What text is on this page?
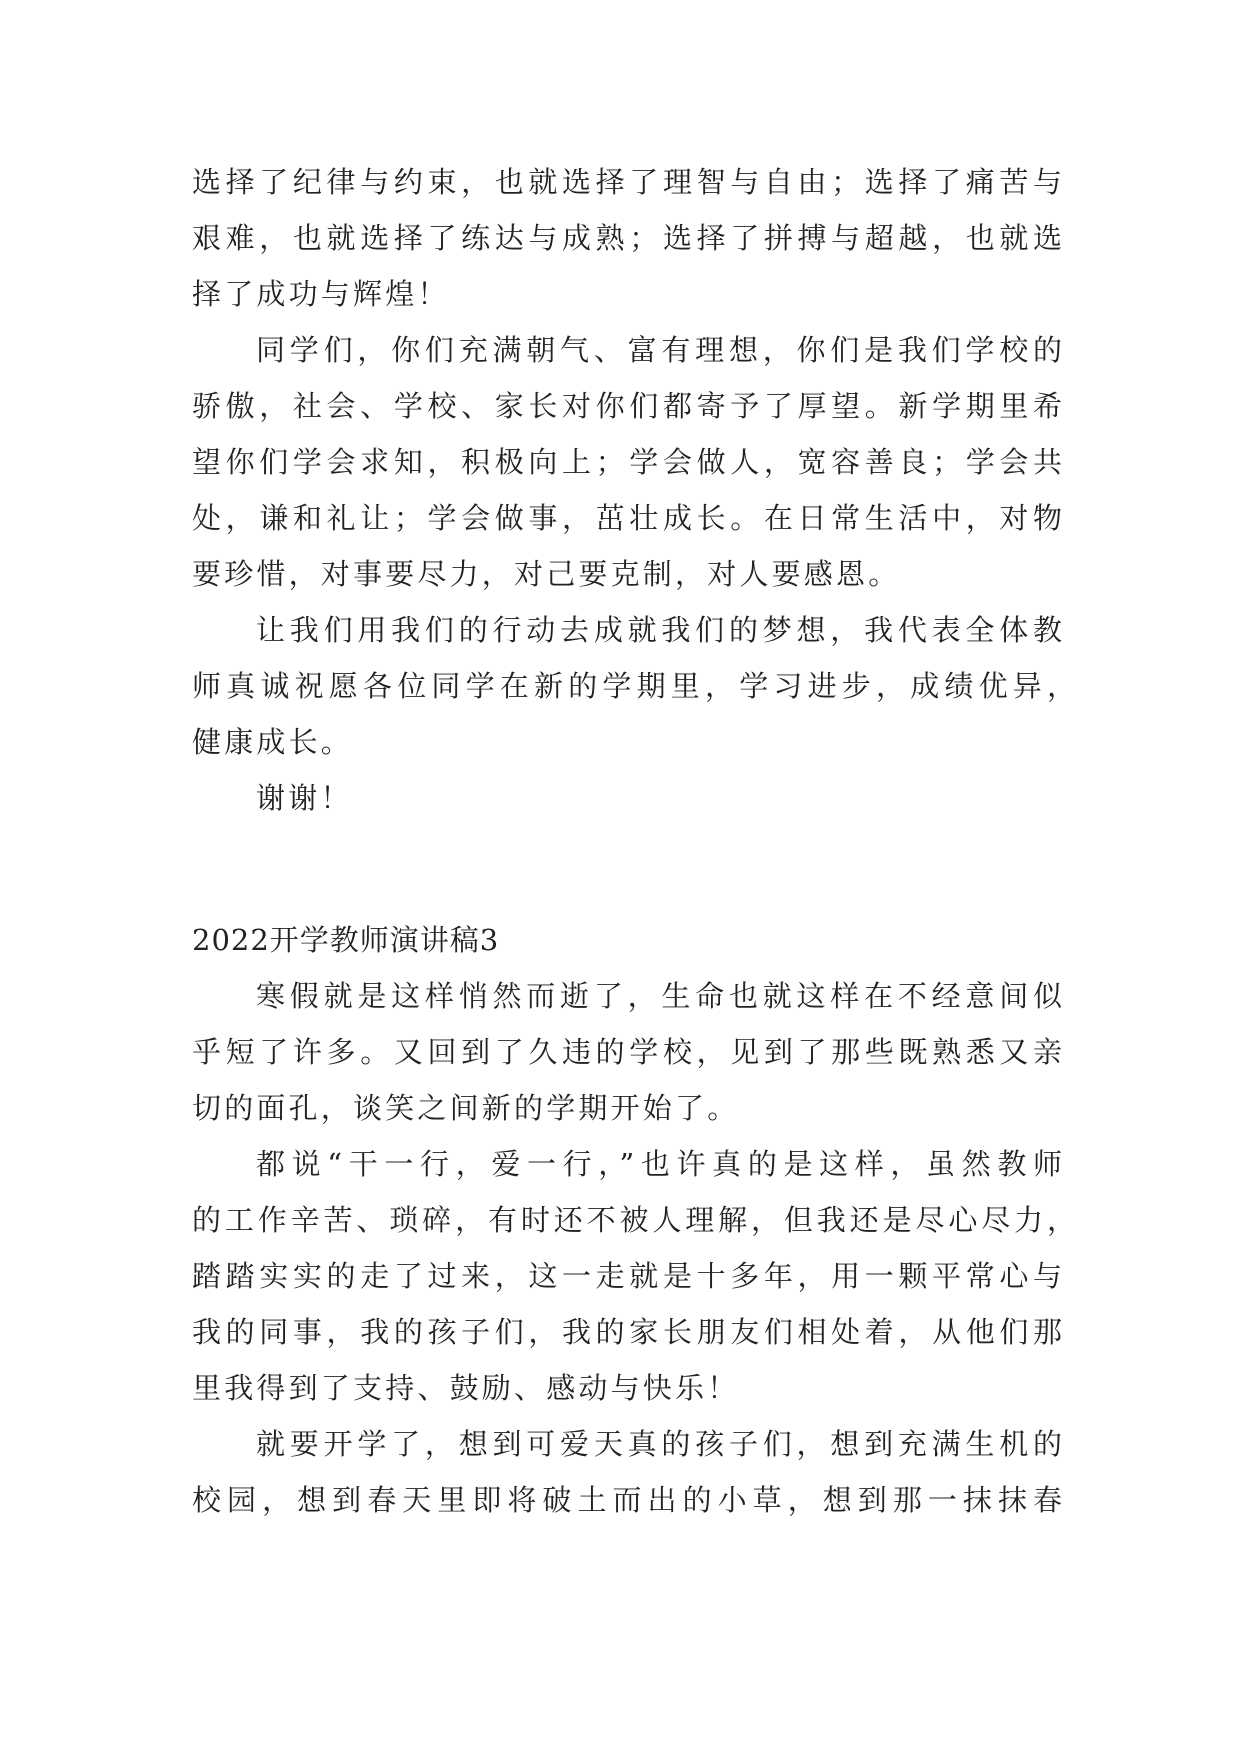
选择了纪律与约束，也就选择了理智与自由；选择了痛苦与
艰难，也就选择了练达与成熟；选择了拼搏与超越，也就选
择了成功与辉煌！
同学们，你们充满朝气、富有理想，你们是我们学校的
骄傲，社会、学校、家长对你们都寄予了厚望。新学期里希
望你们学会求知，积极向上；学会做人，宽容善良；学会共
处，谦和礼让；学会做事，茁壮成长。在日常生活中，对物
要珍惜，对事要尽力，对己要克制，对人要感恩。
让我们用我们的行动去成就我们的梦想，我代表全体教
师真诚祝愿各位同学在新的学期里，学习进步，成绩优异，
健康成长。
谢谢！
2022开学教师演讲稿3
寒假就是这样悄然而逝了，生命也就这样在不经意间似
乎短了许多。又回到了久违的学校，见到了那些既熟悉又亲
切的面孔，谈笑之间新的学期开始了。
都说“干一行，爱一行，”也许真的是这样，虽然教师
的工作辛苦、琐碎，有时还不被人理解，但我还是尽心尽力，
踏踏实实的走了过来，这一走就是十多年，用一颗平常心与
我的同事，我的孩子们，我的家长朋友们相处着，从他们那
里我得到了支持、鼓励、感动与快乐！
就要开学了，想到可爱天真的孩子们，想到充满生机的
校园，想到春天里即将破土而出的小草，想到那一抹抹春
